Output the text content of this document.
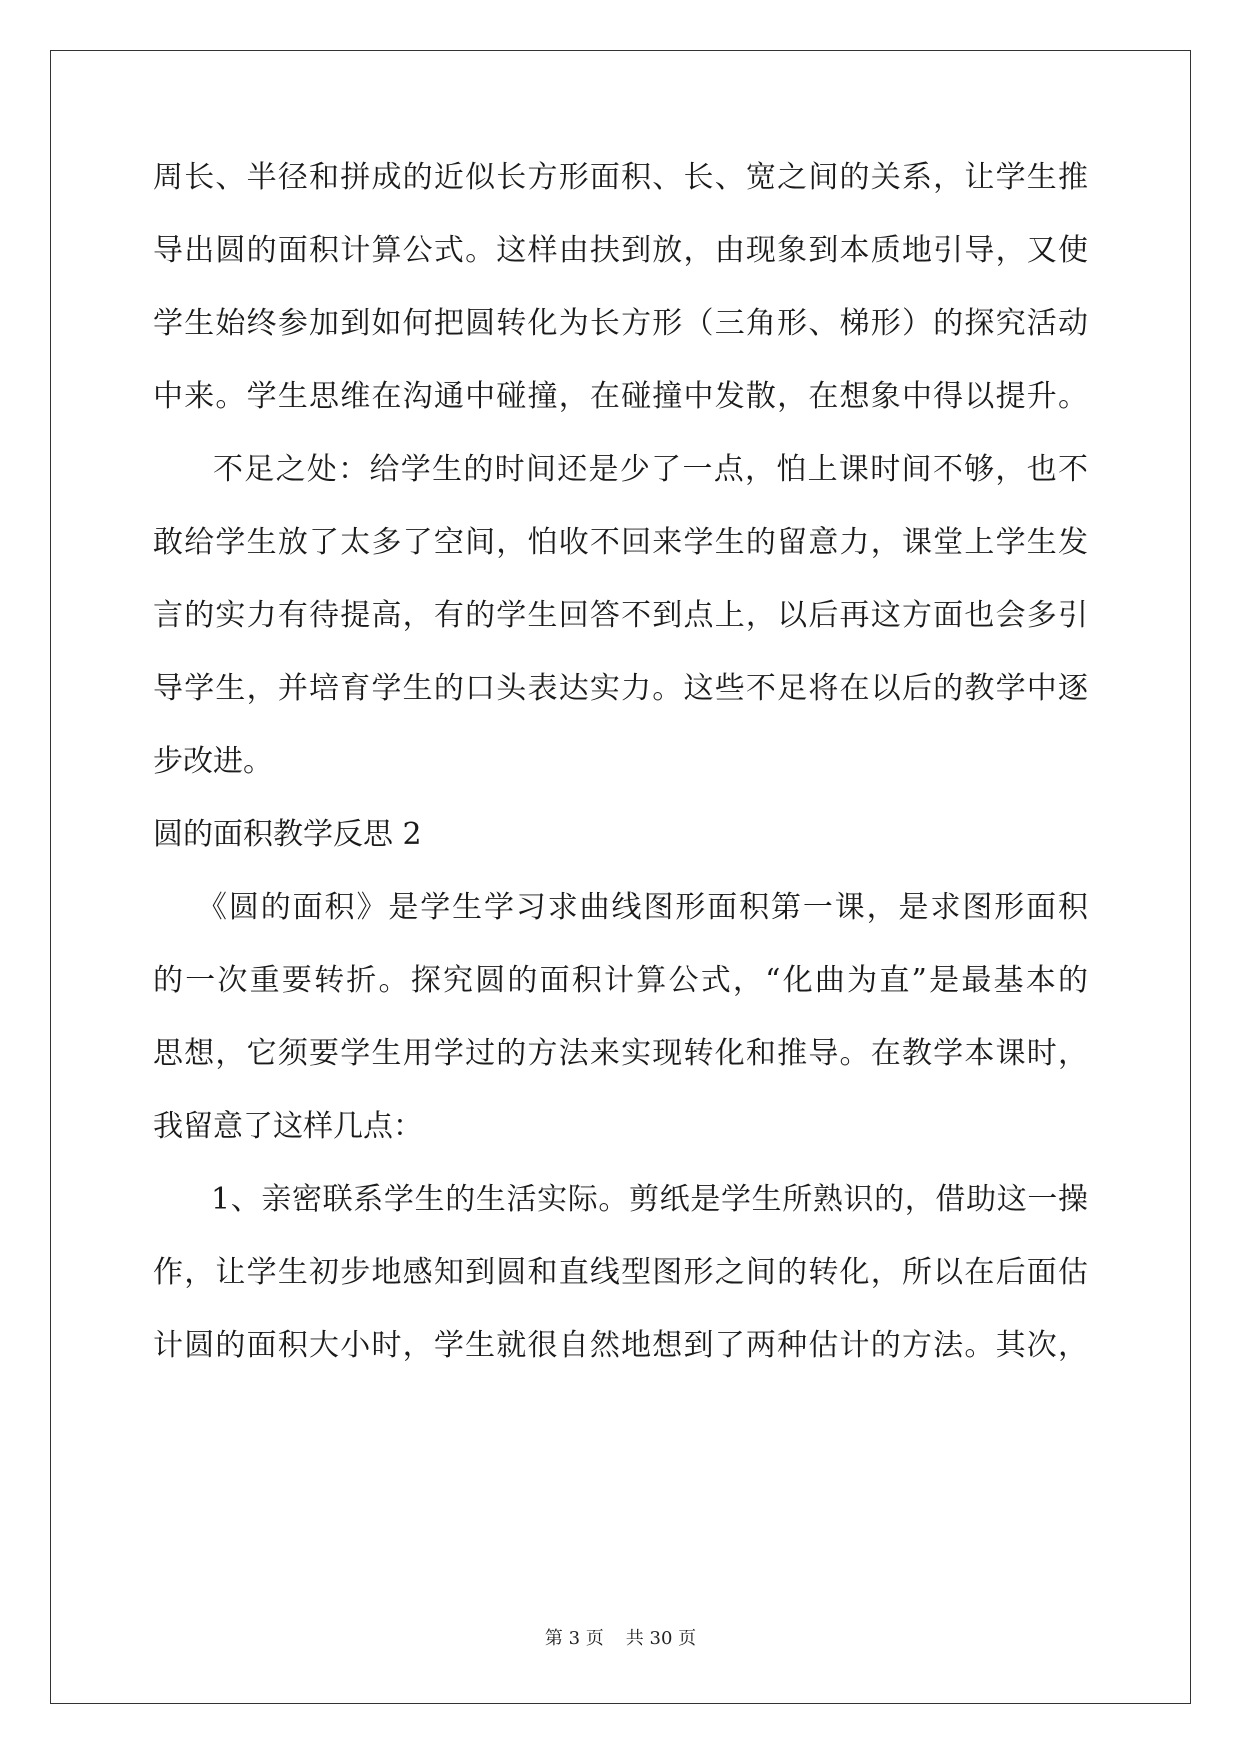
周长、半径和拼成的近似长方形面积、长、宽之间的关系，让学生推
导出圆的面积计算公式。这样由扶到放，由现象到本质地引导，又使
学生始终参加到如何把圆转化为长方形（三角形、梯形）的探究活动
中来。学生思维在沟通中碰撞，在碰撞中发散，在想象中得以提升。
不足之处：给学生的时间还是少了一点，怕上课时间不够，也不
敢给学生放了太多了空间，怕收不回来学生的留意力，课堂上学生发
言的实力有待提高，有的学生回答不到点上，以后再这方面也会多引
导学生，并培育学生的口头表达实力。这些不足将在以后的教学中逐
步改进。
圆的面积教学反思 2
《圆的面积》是学生学习求曲线图形面积第一课，是求图形面积
的一次重要转折。探究圆的面积计算公式，“化曲为直”是最基本的
思想，它须要学生用学过的方法来实现转化和推导。在教学本课时，
我留意了这样几点：
1、亲密联系学生的生活实际。剪纸是学生所熟识的，借助这一操
作，让学生初步地感知到圆和直线型图形之间的转化，所以在后面估
计圆的面积大小时，学生就很自然地想到了两种估计的方法。其次，
第 3 页 共 30 页
